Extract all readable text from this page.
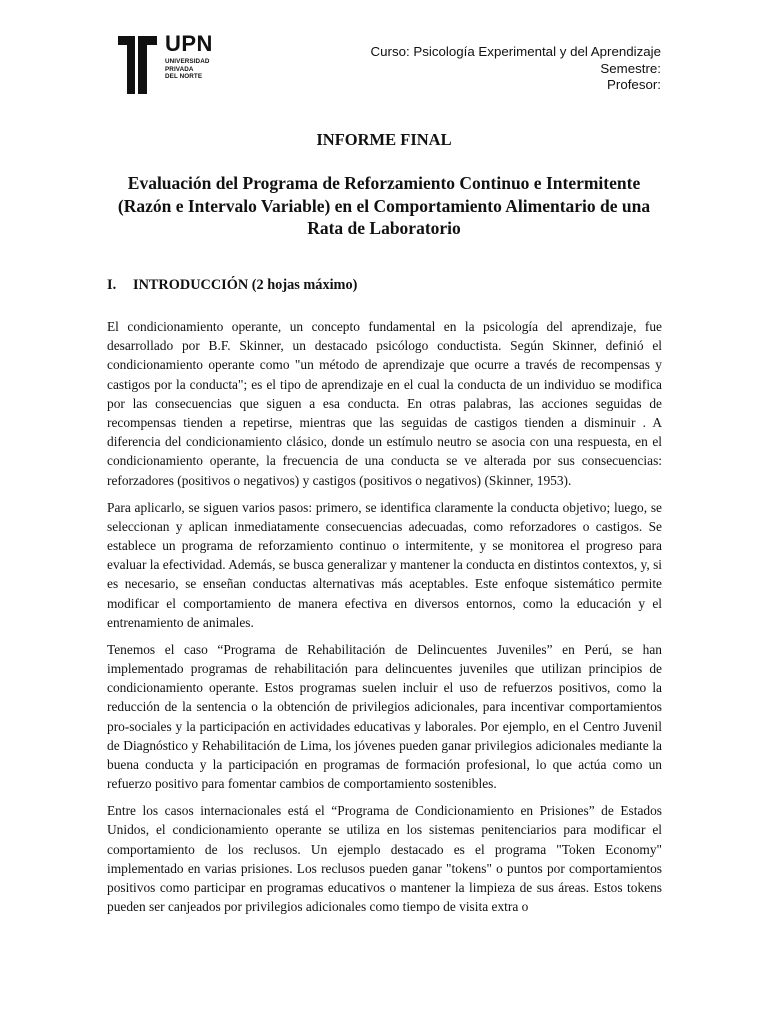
UPN
UNIVERSIDAD
PRIVADA
DEL NORTE
Curso: Psicología Experimental y del Aprendizaje
Semestre:
Profesor:
INFORME FINAL
Evaluación del Programa de Reforzamiento Continuo e Intermitente (Razón e Intervalo Variable) en el Comportamiento Alimentario de una Rata de Laboratorio
I. INTRODUCCIÓN (2 hojas máximo)

El condicionamiento operante, un concepto fundamental en la psicología del aprendizaje, fue desarrollado por B.F. Skinner, un destacado psicólogo conductista. Según Skinner, definió el condicionamiento operante como "un método de aprendizaje que ocurre a través de recompensas y castigos por la conducta"; es el tipo de aprendizaje en el cual la conducta de un individuo se modifica por las consecuencias que siguen a esa conducta. En otras palabras, las acciones seguidas de recompensas tienden a repetirse, mientras que las seguidas de castigos tienden a disminuir . A diferencia del condicionamiento clásico, donde un estímulo neutro se asocia con una respuesta, en el condicionamiento operante, la frecuencia de una conducta se ve alterada por sus consecuencias: reforzadores (positivos o negativos) y castigos (positivos o negativos) (Skinner, 1953).

Para aplicarlo, se siguen varios pasos: primero, se identifica claramente la conducta objetivo; luego, se seleccionan y aplican inmediatamente consecuencias adecuadas, como reforzadores o castigos. Se establece un programa de reforzamiento continuo o intermitente, y se monitorea el progreso para evaluar la efectividad. Además, se busca generalizar y mantener la conducta en distintos contextos, y, si es necesario, se enseñan conductas alternativas más aceptables. Este enfoque sistemático permite modificar el comportamiento de manera efectiva en diversos entornos, como la educación y el entrenamiento de animales.

Tenemos el caso “Programa de Rehabilitación de Delincuentes Juveniles” en Perú, se han implementado programas de rehabilitación para delincuentes juveniles que utilizan principios de condicionamiento operante. Estos programas suelen incluir el uso de refuerzos positivos, como la reducción de la sentencia o la obtención de privilegios adicionales, para incentivar comportamientos pro-sociales y la participación en actividades educativas y laborales. Por ejemplo, en el Centro Juvenil de Diagnóstico y Rehabilitación de Lima, los jóvenes pueden ganar privilegios adicionales mediante la buena conducta y la participación en programas de formación profesional, lo que actúa como un refuerzo positivo para fomentar cambios de comportamiento sostenibles.

Entre los casos internacionales está el “Programa de Condicionamiento en Prisiones” de Estados Unidos, el condicionamiento operante se utiliza en los sistemas penitenciarios para modificar el comportamiento de los reclusos. Un ejemplo destacado es el programa "Token Economy" implementado en varias prisiones. Los reclusos pueden ganar "tokens" o puntos por comportamientos positivos como participar en programas educativos o mantener la limpieza de sus áreas. Estos tokens pueden ser canjeados por privilegios adicionales como tiempo de visita extra o
